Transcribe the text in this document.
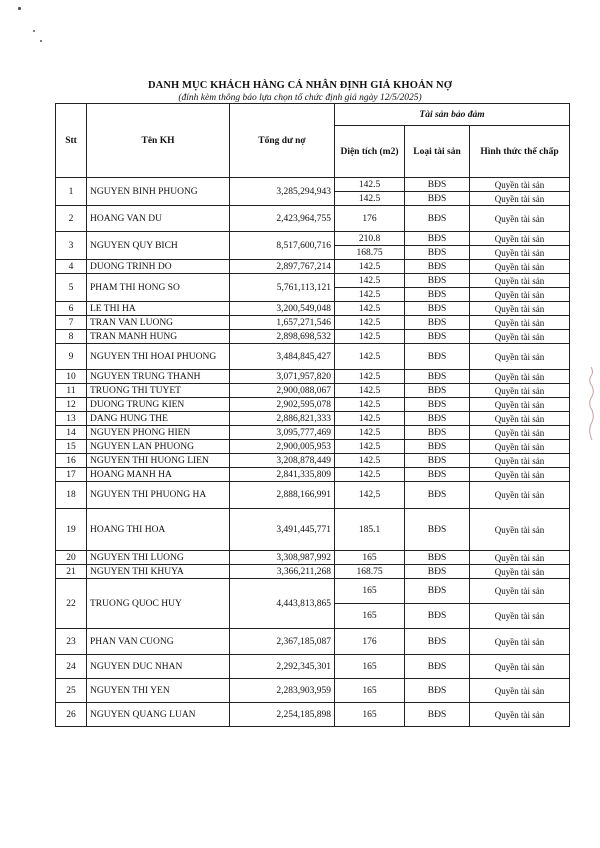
DANH MỤC KHÁCH HÀNG CÁ NHÂN ĐỊNH GIÁ KHOẢN NỢ
(đính kèm thông báo lựa chọn tổ chức định giá ngày 12/5/2025)
Stt	Tên KH	Tổng dư nợ	Tài sản bảo đảm		
			Diện tích (m2)	Loại tài sản	Hình thức thế chấp
1	NGUYEN BINH PHUONG	3,285,294,943	142.5	BĐS	Quyền tài sản
			142.5	BĐS	Quyền tài sản
2	HOANG VAN DU	2,423,964,755	176	BĐS	Quyền tài sản
3	NGUYEN QUY BICH	8,517,600,716	210.8	BĐS	Quyền tài sản
			168.75	BĐS	Quyền tài sản
4	DUONG TRINH DO	2,897,767,214	142.5	BĐS	Quyền tài sản
5	PHAM THI HONG SO	5,761,113,121	142.5	BĐS	Quyền tài sản
			142.5	BĐS	Quyền tài sản
6	LE THI HA	3,200,549,048	142.5	BĐS	Quyền tài sản
7	TRAN VAN LUONG	1,657,271,546	142.5	BĐS	Quyền tài sản
8	TRAN MANH HUNG	2,898,698,532	142.5	BĐS	Quyền tài sản
9	NGUYEN THI HOAI PHUONG	3,484,845,427	142.5	BĐS	Quyền tài sản
10	NGUYEN TRUNG THANH	3,071,957,820	142.5	BĐS	Quyền tài sản
11	TRUONG THI TUYET	2,900,088,067	142.5	BĐS	Quyền tài sản
12	DUONG TRUNG KIEN	2,902,595,078	142.5	BĐS	Quyền tài sản
13	DANG HUNG THE	2,886,821,333	142.5	BĐS	Quyền tài sản
14	NGUYEN PHONG HIEN	3,095,777,469	142.5	BĐS	Quyền tài sản
15	NGUYEN LAN PHUONG	2,900,005,953	142.5	BĐS	Quyền tài sản
16	NGUYEN THI HUONG LIEN	3,208,878,449	142.5	BĐS	Quyền tài sản
17	HOANG MANH HA	2,841,335,809	142.5	BĐS	Quyền tài sản
18	NGUYEN THI PHUONG HA	2,888,166,991	142,5	BĐS	Quyền tài sản
19	HOANG THI HOA	3,491,445,771	185.1	BĐS	Quyền tài sản
20	NGUYEN THI LUONG	3,308,987,992	165	BĐS	Quyền tài sản
21	NGUYEN THI KHUYA	3,366,211,268	168.75	BĐS	Quyền tài sản
22	TRUONG QUOC HUY	4,443,813,865	165	BĐS	Quyền tài sản
			165	BĐS	Quyền tài sản
23	PHAN VAN CUONG	2,367,185,087	176	BĐS	Quyền tài sản
24	NGUYEN DUC NHAN	2,292,345,301	165	BĐS	Quyền tài sản
25	NGUYEN THI YEN	2,283,903,959	165	BĐS	Quyền tài sản
26	NGUYEN QUANG LUAN	2,254,185,898	165	BĐS	Quyền tài sản
